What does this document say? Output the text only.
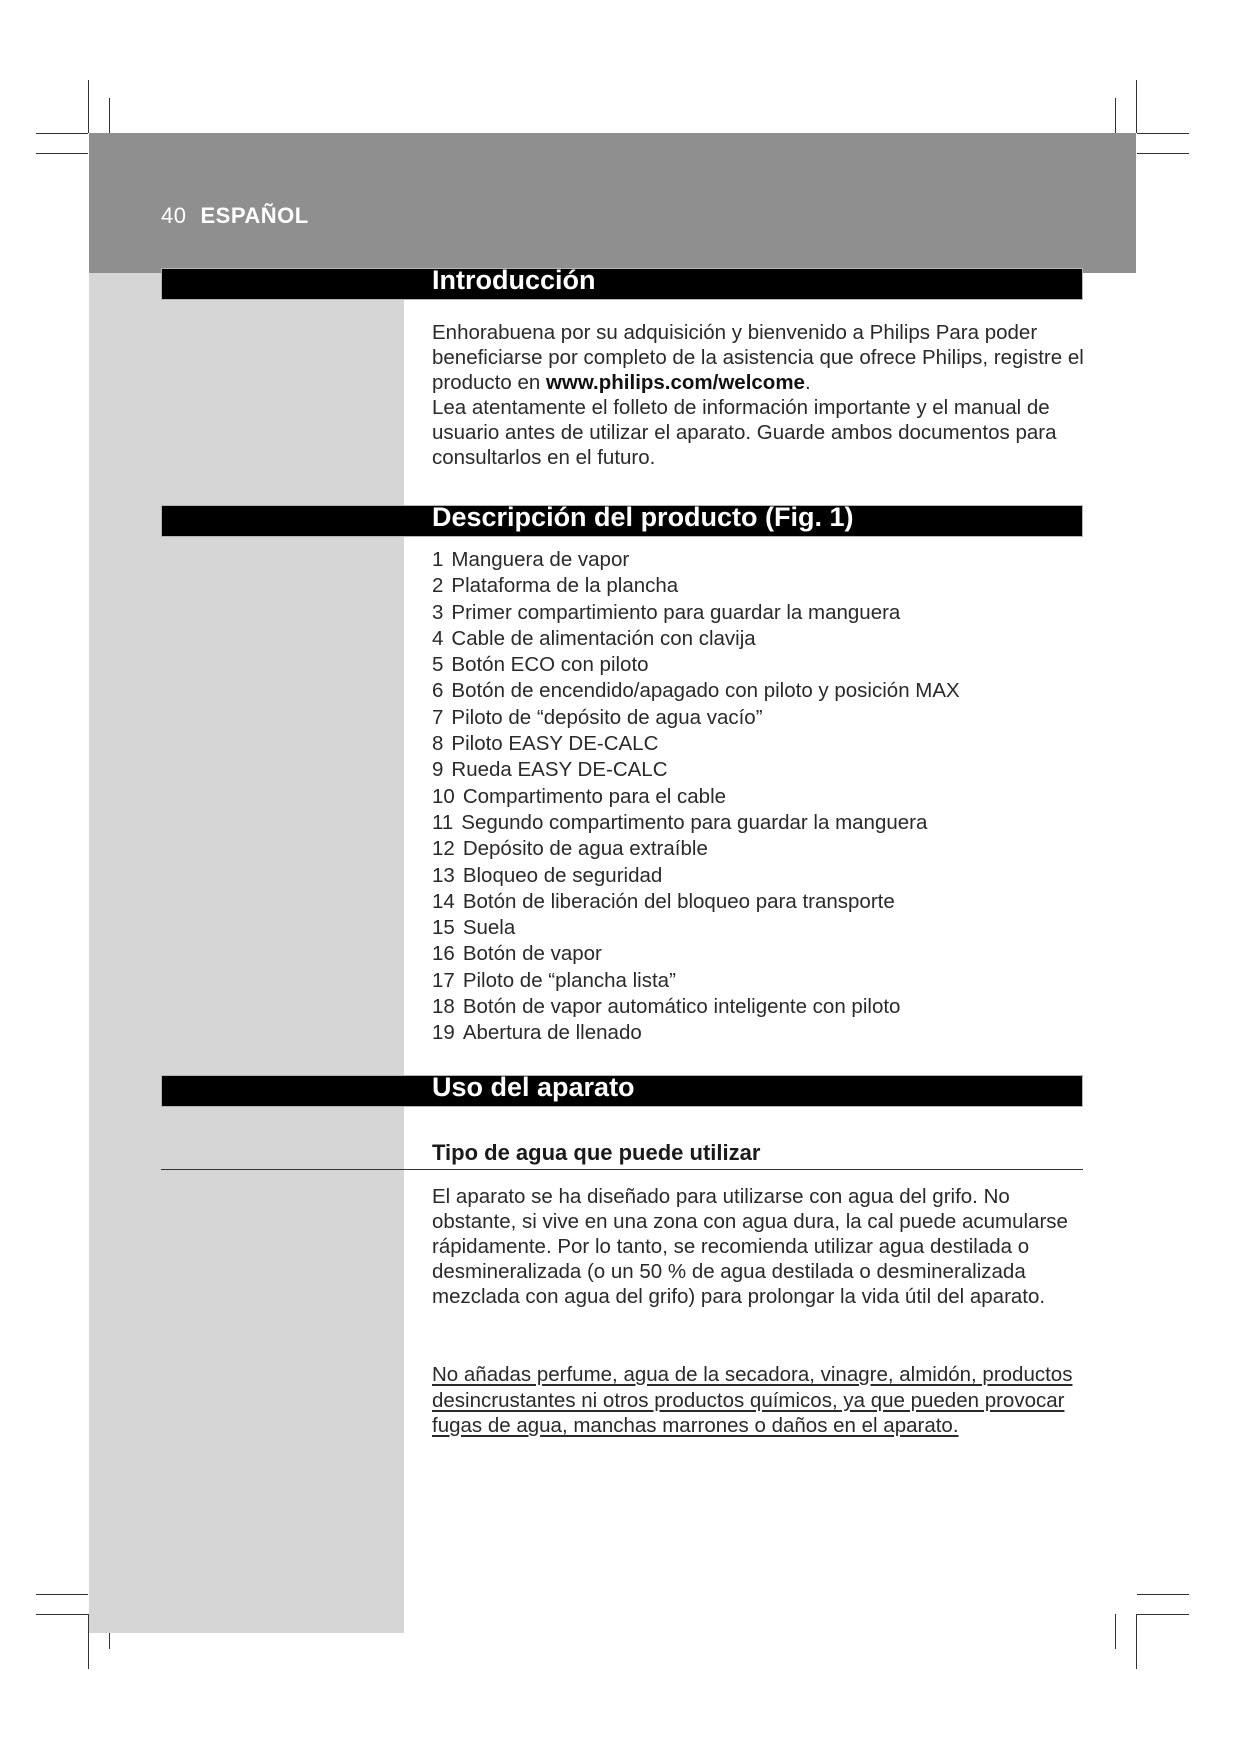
40 ESPAÑOL
Introducción

Enhorabuena por su adquisición y bienvenido a Philips Para poder beneficiarse por completo de la asistencia que ofrece Philips, registre el producto en www.philips.com/welcome.

Lea atentamente el folleto de información importante y el manual de usuario antes de utilizar el aparato. Guarde ambos documentos para consultarlos en el futuro.

Descripción del producto (Fig. 1)
1 Manguera de vapor
2 Plataforma de la plancha
3 Primer compartimiento para guardar la manguera
4 Cable de alimentación con clavija
5 Botón ECO con piloto
6 Botón de encendido/apagado con piloto y posición MAX
7 Piloto de “depósito de agua vacío”
8 Piloto EASY DE-CALC
9 Rueda EASY DE-CALC
10 Compartimento para el cable
11 Segundo compartimento para guardar la manguera
12 Depósito de agua extraíble
13 Bloqueo de seguridad
14 Botón de liberación del bloqueo para transporte
15 Suela
16 Botón de vapor
17 Piloto de “plancha lista”
18 Botón de vapor automático inteligente con piloto
19 Abertura de llenado
Uso del aparato
Tipo de agua que puede utilizar
El aparato se ha diseñado para utilizarse con agua del grifo. No obstante, si vive en una zona con agua dura, la cal puede acumularse rápidamente. Por lo tanto, se recomienda utilizar agua destilada o desmineralizada (o un 50 % de agua destilada o desmineralizada mezclada con agua del grifo) para prolongar la vida útil del aparato.

No añadas perfume, agua de la secadora, vinagre, almidón, productos desincrustantes ni otros productos químicos, ya que pueden provocar fugas de agua, manchas marrones o daños en el aparato.
